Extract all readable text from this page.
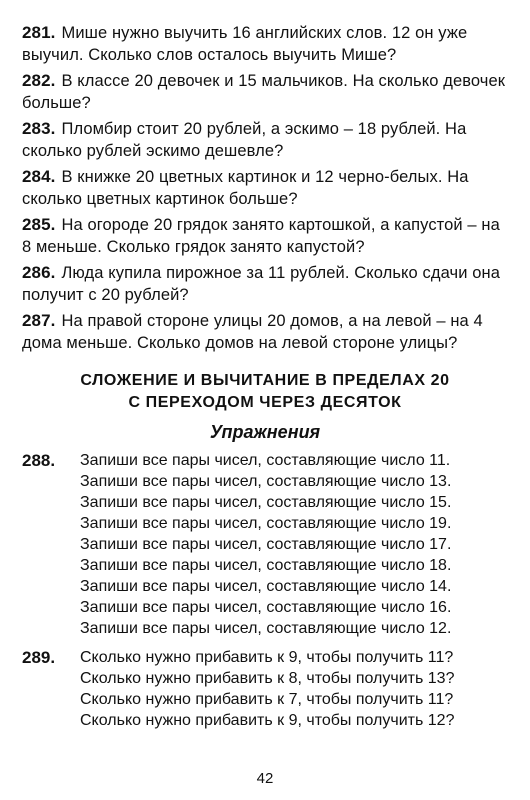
281. Мише нужно выучить 16 английских слов. 12 он уже выучил. Сколько слов осталось выучить Мише?
282. В классе 20 девочек и 15 мальчиков. На сколько девочек больше?
283. Пломбир стоит 20 рублей, а эскимо – 18 рублей. На сколько рублей эскимо дешевле?
284. В книжке 20 цветных картинок и 12 черно-белых. На сколько цветных картинок больше?
285. На огороде 20 грядок занято картошкой, а капустой – на 8 меньше. Сколько грядок занято капустой?
286. Люда купила пирожное за 11 рублей. Сколько сдачи она получит с 20 рублей?
287. На правой стороне улицы 20 домов, а на левой – на 4 дома меньше. Сколько домов на левой стороне улицы?
СЛОЖЕНИЕ И ВЫЧИТАНИЕ В ПРЕДЕЛАХ 20
С ПЕРЕХОДОМ ЧЕРЕЗ ДЕСЯТОК
Упражнения
288.	Запиши все пары чисел, составляющие число 11.
Запиши все пары чисел, составляющие число 13.
Запиши все пары чисел, составляющие число 15.
Запиши все пары чисел, составляющие число 19.
Запиши все пары чисел, составляющие число 17.
Запиши все пары чисел, составляющие число 18.
Запиши все пары чисел, составляющие число 14.
Запиши все пары чисел, составляющие число 16.
Запиши все пары чисел, составляющие число 12.
289.	Сколько нужно прибавить к 9, чтобы получить 11?
Сколько нужно прибавить к 8, чтобы получить 13?
Сколько нужно прибавить к 7, чтобы получить 11?
Сколько нужно прибавить к 9, чтобы получить 12?
42
